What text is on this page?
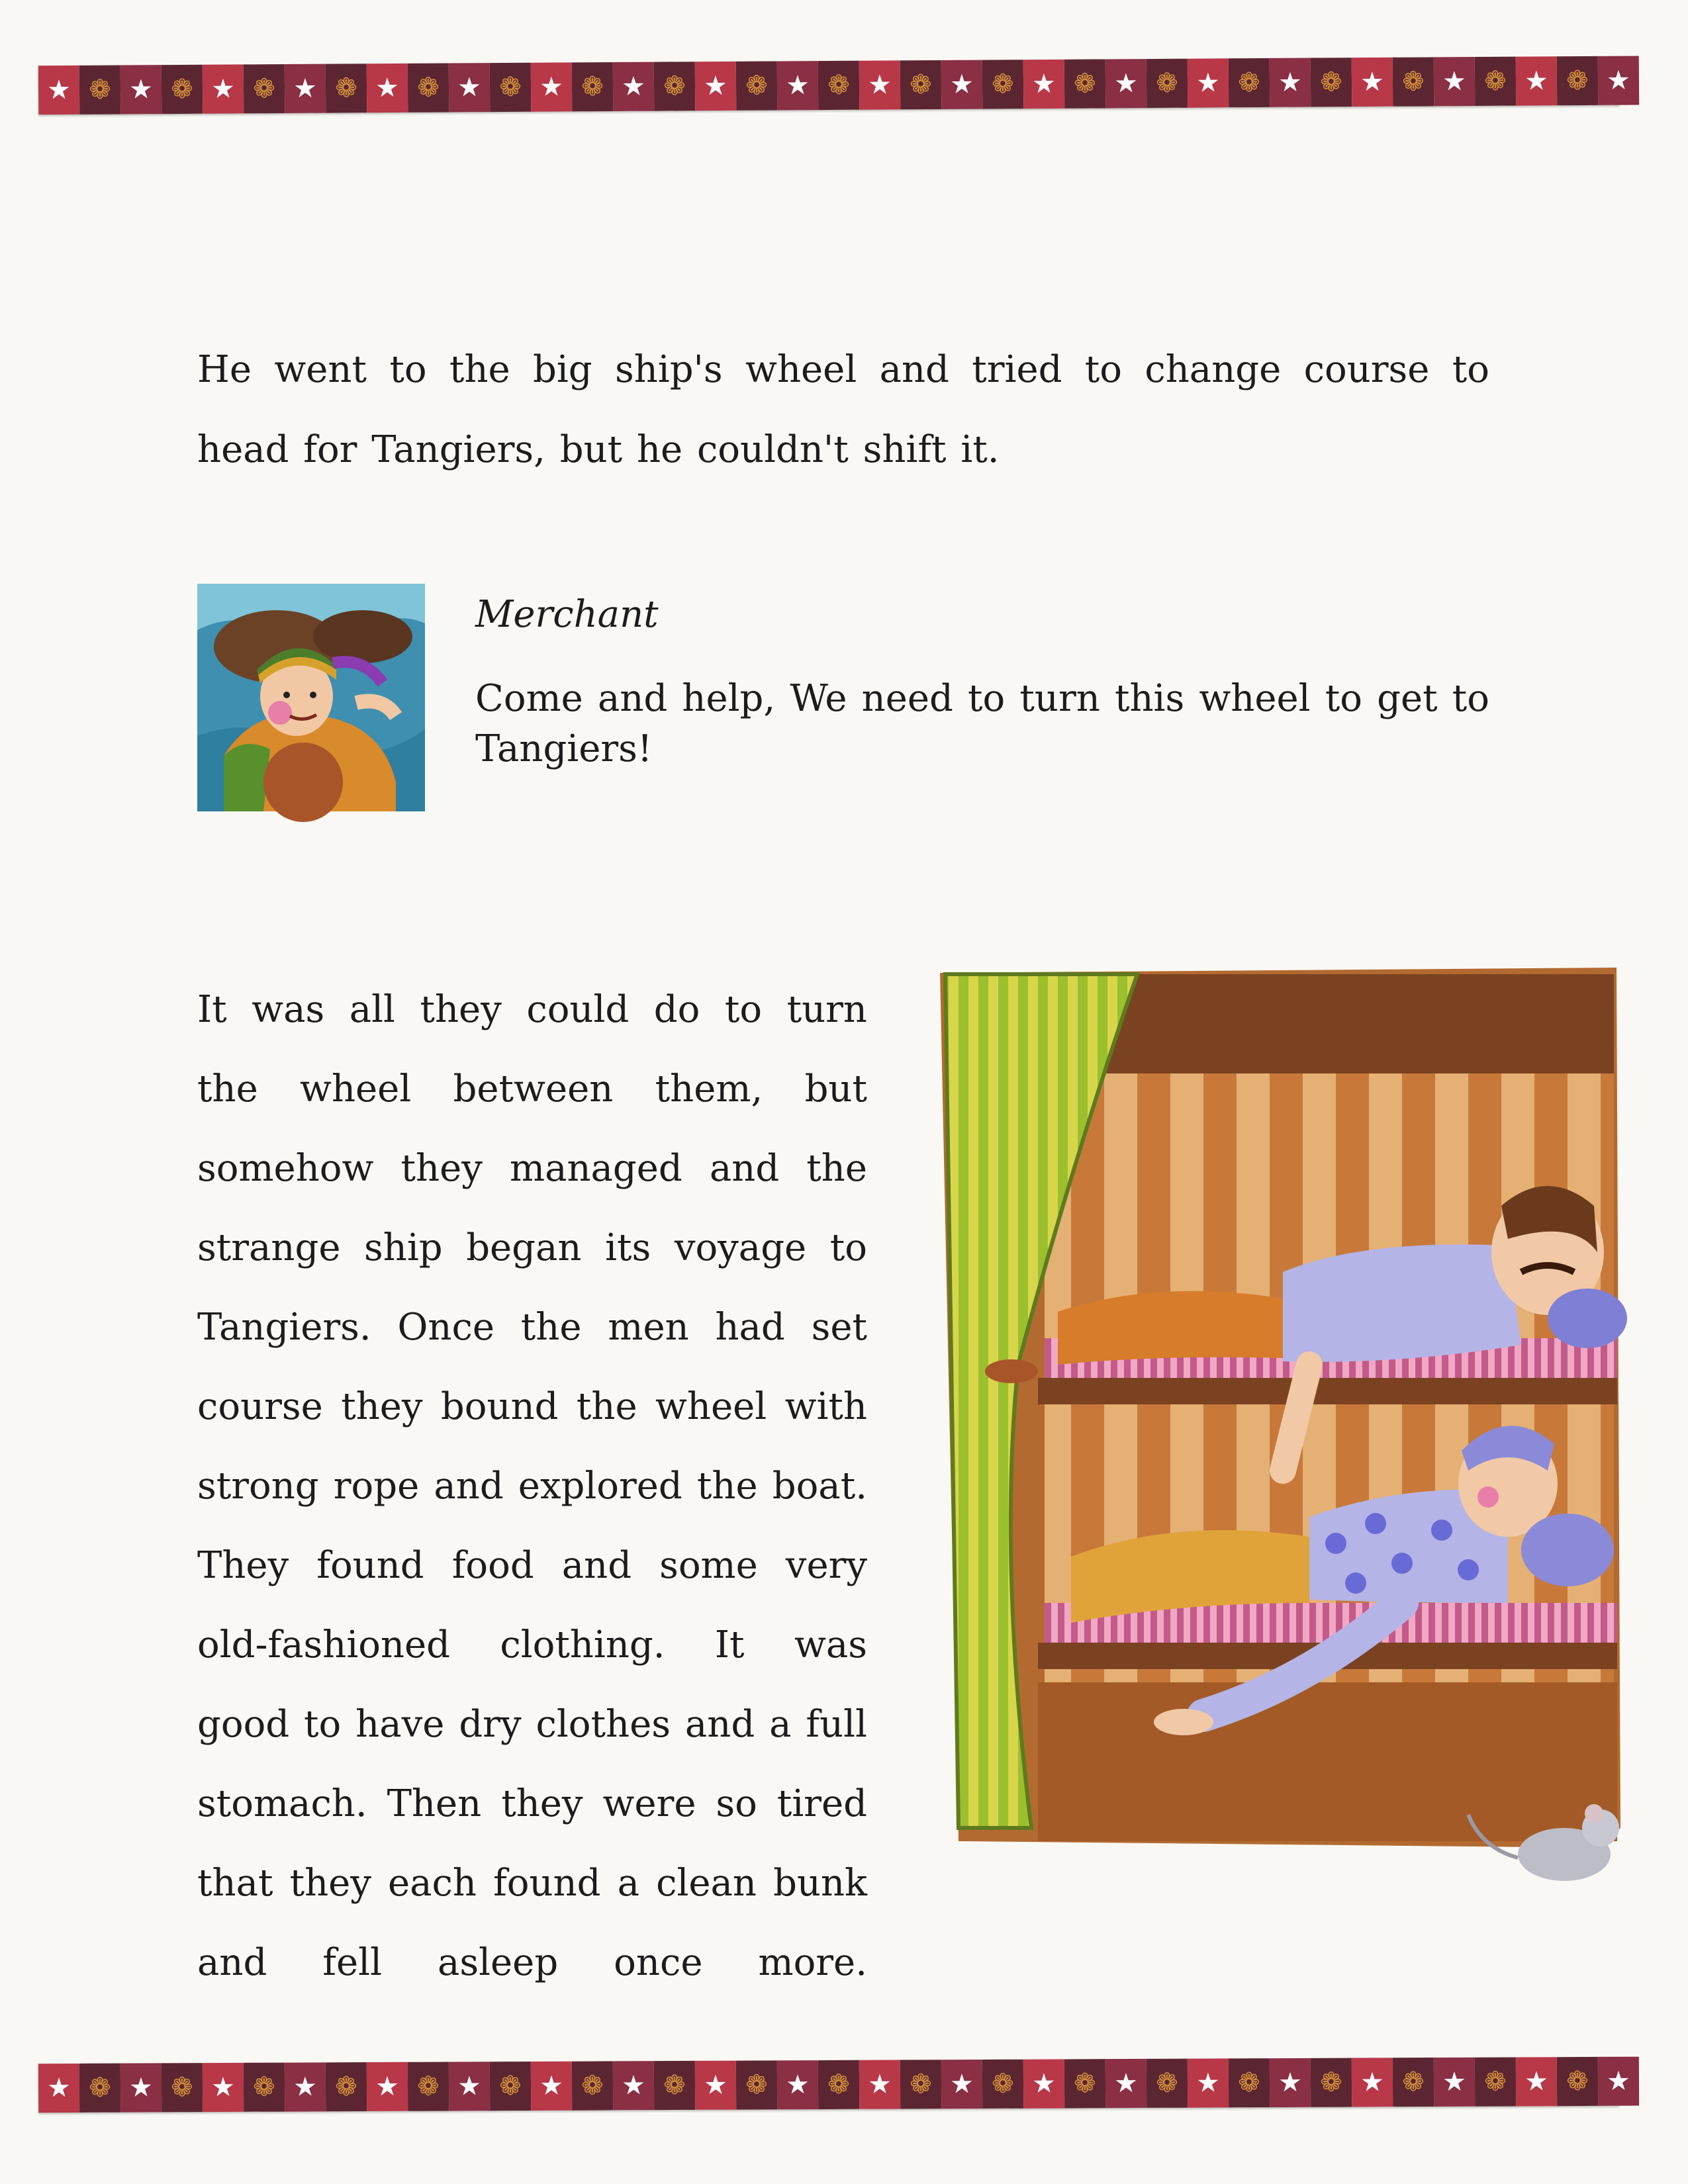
★ ❁ ★ ❁ ★ ❁ ★ ❁ ★ ❁ ★ ❁ ★ ❁ ★ ❁ ★ ❁ ★ ❁ ★ ❁ ★ ❁ ★ ❁ ★ ❁ ★ ❁ ★ ❁ ★ ❁ ★ ❁ ★ ❁ ★

He went to the big ship's wheel and tried to change course to head for Tangiers, but he couldn't shift it.

Merchant

Come and help, We need to turn this wheel to get to Tangiers!

It was all they could do to turn the wheel between them, but somehow they managed and the strange ship began its voyage to Tangiers. Once the men had set course they bound the wheel with strong rope and explored the boat. They found food and some very old-fashioned clothing. It was good to have dry clothes and a full stomach. Then they were so tired that they each found a clean bunk and fell asleep once more.

★ ❁ ★ ❁ ★ ❁ ★ ❁ ★ ❁ ★ ❁ ★ ❁ ★ ❁ ★ ❁ ★ ❁ ★ ❁ ★ ❁ ★ ❁ ★ ❁ ★ ❁ ★ ❁ ★ ❁ ★ ❁ ★ ❁ ★
